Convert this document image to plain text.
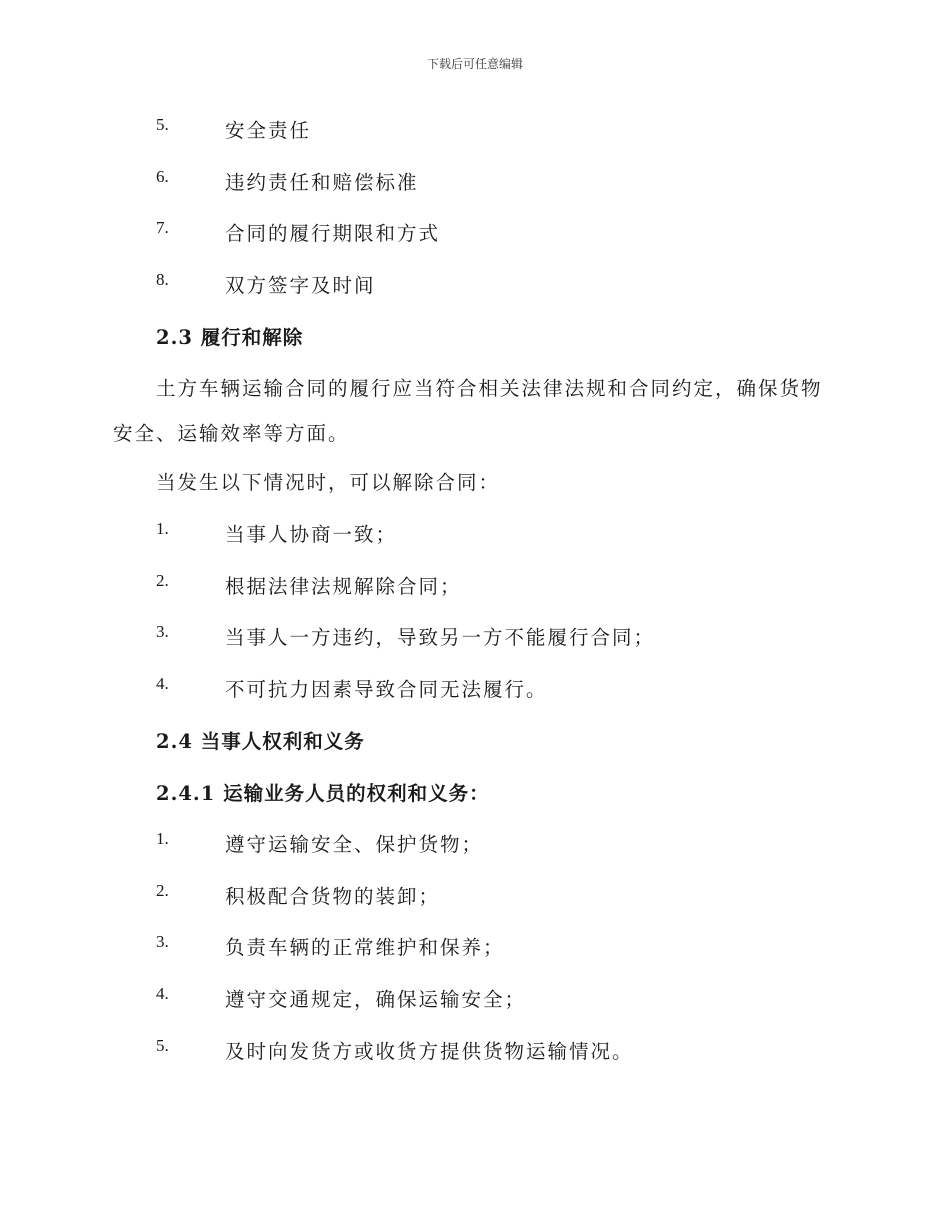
下载后可任意编辑
5.	安全责任
6.	违约责任和赔偿标准
7.	合同的履行期限和方式
8.	双方签字及时间
2.3 履行和解除
土方车辆运输合同的履行应当符合相关法律法规和合同约定，确保货物
安全、运输效率等方面。
当发生以下情况时，可以解除合同：
1.	当事人协商一致；
2.	根据法律法规解除合同；
3.	当事人一方违约，导致另一方不能履行合同；
4.	不可抗力因素导致合同无法履行。
2.4 当事人权利和义务
2.4.1 运输业务人员的权利和义务：
1.	遵守运输安全、保护货物；
2.	积极配合货物的装卸；
3.	负责车辆的正常维护和保养；
4.	遵守交通规定，确保运输安全；
5.	及时向发货方或收货方提供货物运输情况。
